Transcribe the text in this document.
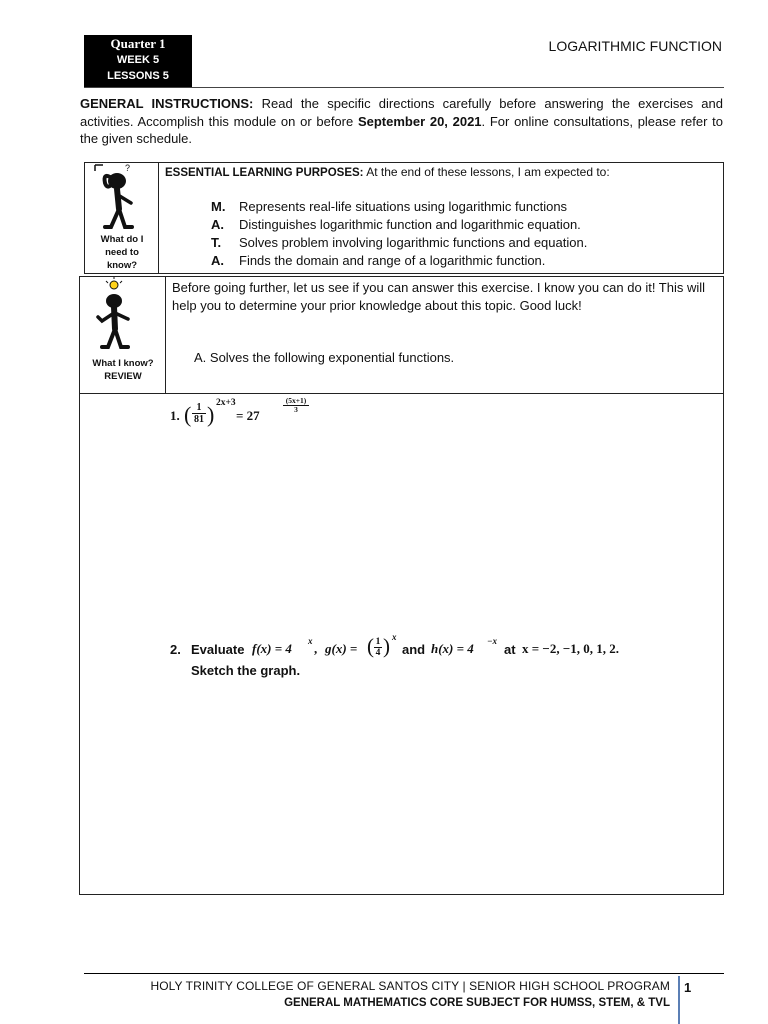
Quarter 1
WEEK 5
LESSONS 5
LOGARITHMIC FUNCTION
GENERAL INSTRUCTIONS: Read the specific directions carefully before answering the exercises and activities. Accomplish this module on or before September 20, 2021. For online consultations, please refer to the given schedule.
?
What do I
need to
know?
ESSENTIAL LEARNING PURPOSES: At the end of these lessons, I am expected to:
M. Represents real-life situations using logarithmic functions
A. Distinguishes logarithmic function and logarithmic equation.
T. Solves problem involving logarithmic functions and equation.
A. Finds the domain and range of a logarithmic function.
What I know?
REVIEW
Before going further, let us see if you can answer this exercise. I know you can do it! This will help you to determine your prior knowledge about this topic. Good luck!
A. Solves the following exponential functions.
1. ( 1
81 ) 2x+3
= 27
(5x+1)
3
2. Evaluate f(x) = 4 x , g(x) = ( 1
4 ) x
and h(x) = 4 −x
at x = −2, −1, 0, 1, 2.
Sketch the graph.
HOLY TRINITY COLLEGE OF GENERAL SANTOS CITY | SENIOR HIGH SCHOOL PROGRAM
GENERAL MATHEMATICS CORE SUBJECT FOR HUMSS, STEM, & TVL
1
